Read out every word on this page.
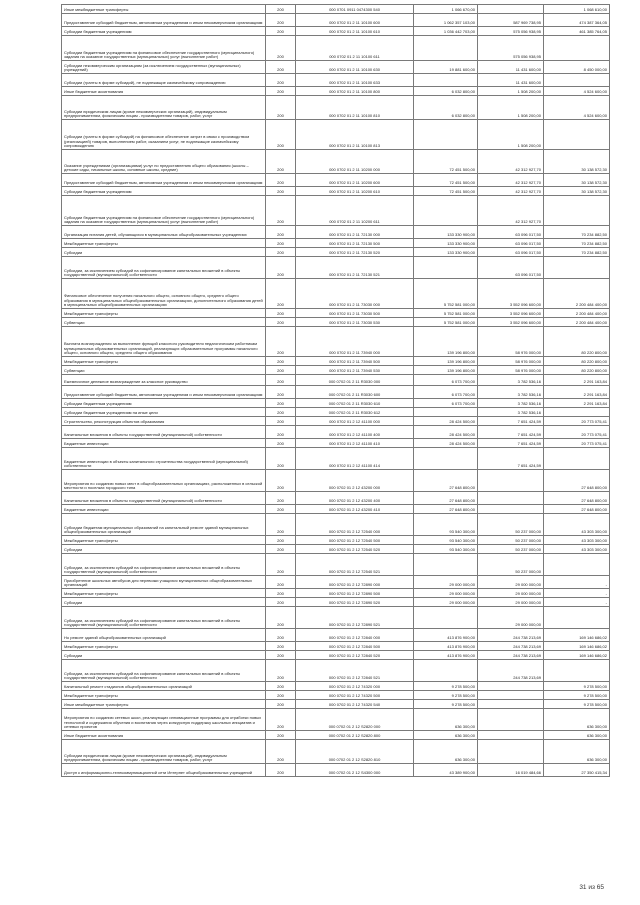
Иные межбюджетные трансферты	200	000 0701 0911 0474300 540	1 066 670,00		1 068 610,00
Предоставление субсидий бюджетным, автономным учреждениям и иным некоммерческим организациям	200	000 0702 01 2 11 10100 600	1 062 357 103,00	587 969 738,95	474 387 364,05
Субсидии бюджетным учреждениям	200	000 0702 01 2 11 10100 610	1 036 442 703,00	575 056 938,95	461 385 764,05
Субсидии бюджетным учреждениям на финансовое обеспечение государственного (муниципального) задания на оказание государственных (муниципальных) услуг (выполнение работ)	200	000 0702 01 2 11 10100 611		575 056 938,95	
Субсидии некоммерческим организациям (за исключением государственных (муниципальных) учреждений)	200	000 0702 01 2 11 10100 630	19 881 600,00	11 431 600,00	8 450 000,00
Субсидии (гранты в форме субсидий), не подлежащие казначейскому сопровождению	200	000 0702 01 2 11 10100 633		11 431 600,00	
Иные бюджетные ассигнования	200	000 0702 01 2 11 10100 800	6 032 800,00	1 508 200,00	4 524 600,00
Субсидии юридическим лицам (кроме некоммерческих организаций), индивидуальным предпринимателям, физическим лицам - производителям товаров, работ, услуг	200	000 0702 01 2 11 10100 810	6 032 800,00	1 508 200,00	4 524 600,00
Субсидии (гранты в форме субсидий) на финансовое обеспечение затрат в связи с производством (реализацией) товаров, выполнением работ, оказанием услуг, не подлежащие казначейскому сопровождению	200	000 0702 01 2 11 10100 813		1 508 200,00	
Оказание учреждениями (организациями) услуг по предоставлению общего образования (школы – детские сады, начальные школы, основные школы, средние)	200	000 0702 01 2 11 10200 000	72 451 500,00	42 312 927,70	30 138 572,30
Предоставление субсидий бюджетным, автономным учреждениям и иным некоммерческим организациям	200	000 0702 01 2 11 10200 600	72 451 500,00	42 312 927,70	30 138 572,30
Субсидии бюджетным учреждениям	200	000 0702 01 2 11 10200 610	72 451 500,00	42 312 927,70	30 138 572,30
Субсидии бюджетным учреждениям на финансовое обеспечение государственного (муниципального) задания на оказание государственных (муниципальных) услуг (выполнение работ)	200	000 0702 01 2 11 10200 611		42 312 927,70	
Организация питания детей, обучающихся в муниципальных общеобразовательных учреждениях	200	000 0702 01 2 11 72130 000	133 330 900,00	63 096 017,50	70 234 882,50
Межбюджетные трансферты	200	000 0702 01 2 11 72130 500	133 330 900,00	63 096 017,50	70 234 882,50
Субсидии	200	000 0702 01 2 11 72130 520	133 330 900,00	63 096 017,50	70 234 882,50
Субсидии, за исключением субсидий на софинансирование капитальных вложений в объекты государственной (муниципальной) собственности	200	000 0702 01 2 11 72130 521		63 096 017,50	
Финансовое обеспечение получения начального общего, основного общего, среднего общего образования в муниципальных общеобразовательных организациях, дополнительного образования детей в муниципальных общеобразовательных организациях	200	000 0702 01 2 11 73030 000	5 752 581 000,00	3 552 096 600,00	2 200 484 400,00
Межбюджетные трансферты	200	000 0702 01 2 11 73030 500	5 752 581 000,00	3 552 096 600,00	2 200 484 400,00
Субвенции	200	000 0702 01 2 11 73030 530	5 752 581 000,00	3 552 096 600,00	2 200 484 400,00
Выплата вознаграждения за выполнение функций классного руководителя педагогическим работникам муниципальных образовательных организаций, реализующих образовательные программы начального общего, основного общего, среднего общего образования	200	000 0702 01 2 11 73940 000	139 196 800,00	58 976 000,00	80 220 800,00
Межбюджетные трансферты	200	000 0702 01 2 11 73940 500	139 196 800,00	58 976 000,00	80 220 800,00
Субвенции	200	000 0702 01 2 11 73940 530	139 196 800,00	58 976 000,00	80 220 800,00
Ежемесячное денежное вознаграждение за классное руководство	200	000 0702 01 2 11 R3030 000	6 073 700,00	3 782 536,16	2 291 163,84
Предоставление субсидий бюджетным, автономным учреждениям и иным некоммерческим организациям	200	000 0702 01 2 11 R3030 600	6 073 700,00	3 782 536,16	2 291 163,84
Субсидии бюджетным учреждениям	200	000 0702 01 2 11 R3030 610	6 073 700,00	3 782 536,16	2 291 163,84
Субсидии бюджетным учреждениям на иные цели	200	000 0702 01 2 11 R3030 612		3 782 536,16	
Строительство, реконструкция объектов образования	200	000 0702 01 2 12 41100 000	28 424 500,00	7 651 424,59	20 773 075,41
Капитальные вложения в объекты государственной (муниципальной) собственности	200	000 0702 01 2 12 41100 400	28 424 500,00	7 651 424,59	20 773 075,41
Бюджетные инвестиции	200	000 0702 01 2 12 41100 410	28 424 500,00	7 651 424,59	20 773 075,41
Бюджетные инвестиции в объекты капитального строительства государственной (муниципальной) собственности	200	000 0702 01 2 12 41100 414		7 651 424,59	
Мероприятия по созданию новых мест в общеобразовательных организациях, расположенных в сельской местности и поселках городского типа	200	000 0702 01 2 12 43200 000	27 648 800,00		27 648 800,00
Капитальные вложения в объекты государственной (муниципальной) собственности	200	000 0702 01 2 12 43200 400	27 648 800,00		27 648 800,00
Бюджетные инвестиции	200	000 0702 01 2 12 43200 410	27 648 800,00		27 648 800,00
Субсидии бюджетам муниципальных образований на капитальный ремонт зданий муниципальных общеобразовательных организаций	200	000 0702 01 2 12 72540 000	93 540 300,00	50 237 000,00	43 303 300,00
Межбюджетные трансферты	200	000 0702 01 2 12 72540 500	93 540 300,00	50 237 000,00	43 303 300,00
Субсидии	200	000 0702 01 2 12 72540 520	93 540 300,00	50 237 000,00	43 303 300,00
Субсидии, за исключением субсидий на софинансирование капитальных вложений в объекты государственной (муниципальной) собственности	200	000 0702 01 2 12 72540 521		50 237 000,00	
Приобретение школьных автобусов для перевозки учащихся муниципальных общеобразовательных организаций	200	000 0702 01 2 12 72890 000	29 000 000,00	29 000 000,00	-
Межбюджетные трансферты	200	000 0702 01 2 12 72890 500	29 000 000,00	29 000 000,00	-
Субсидии	200	000 0702 01 2 12 72890 520	29 000 000,00	29 000 000,00	-
Субсидии, за исключением субсидий на софинансирование капитальных вложений в объекты государственной (муниципальной) собственности	200	000 0702 01 2 12 72890 521		29 000 000,00	
Но ремонт зданий общеобразовательных организаций	200	000 0702 01 2 12 72840 000	413 876 900,00	244 738 213,69	169 146 686,02
Межбюджетные трансферты	200	000 0702 01 2 12 72840 500	413 876 900,00	244 738 213,69	169 146 686,02
Субсидии	200	000 0702 01 2 12 72840 520	413 876 900,00	244 738 213,69	169 146 686,02
Субсидии, за исключением субсидий на софинансирование капитальных вложений в объекты государственной (муниципальной) собственности	200	000 0702 01 2 12 72840 521		244 738 213,69	
Капитальный ремонт стадионов общеобразовательных организаций	200	000 0702 01 2 12 74320 000	9 278 500,00		9 278 500,00
Межбюджетные трансферты	200	000 0702 01 2 12 74320 500	9 278 500,00		9 278 500,00
Иные межбюджетные трансферты	200	000 0702 01 2 12 74320 540	9 278 500,00		9 278 500,00
Мероприятия по созданию сетевых школ, реализующих инновационные программы для отработки новых технологий и содержания обучения и воспитания через конкурсную поддержку школьных инициатив и сетевых проектов	200	000 0702 01 2 12 S2820 000	636 300,00		636 300,00
Иные бюджетные ассигнования	200	000 0702 01 2 12 S2820 800	636 300,00		636 300,00
Субсидии юридическим лицам (кроме некоммерческих организаций), индивидуальным предпринимателям, физическим лицам - производителям товаров, работ, услуг	200	000 0702 01 2 12 S2820 810	636 300,00		636 300,00
Доступ к информационно-телекоммуникационной сети Интернет общеобразовательных учреждений	200	000 0702 01 2 12 S4300 000	43 389 900,00	16 019 484,66	27 350 415,34
31 из 65
